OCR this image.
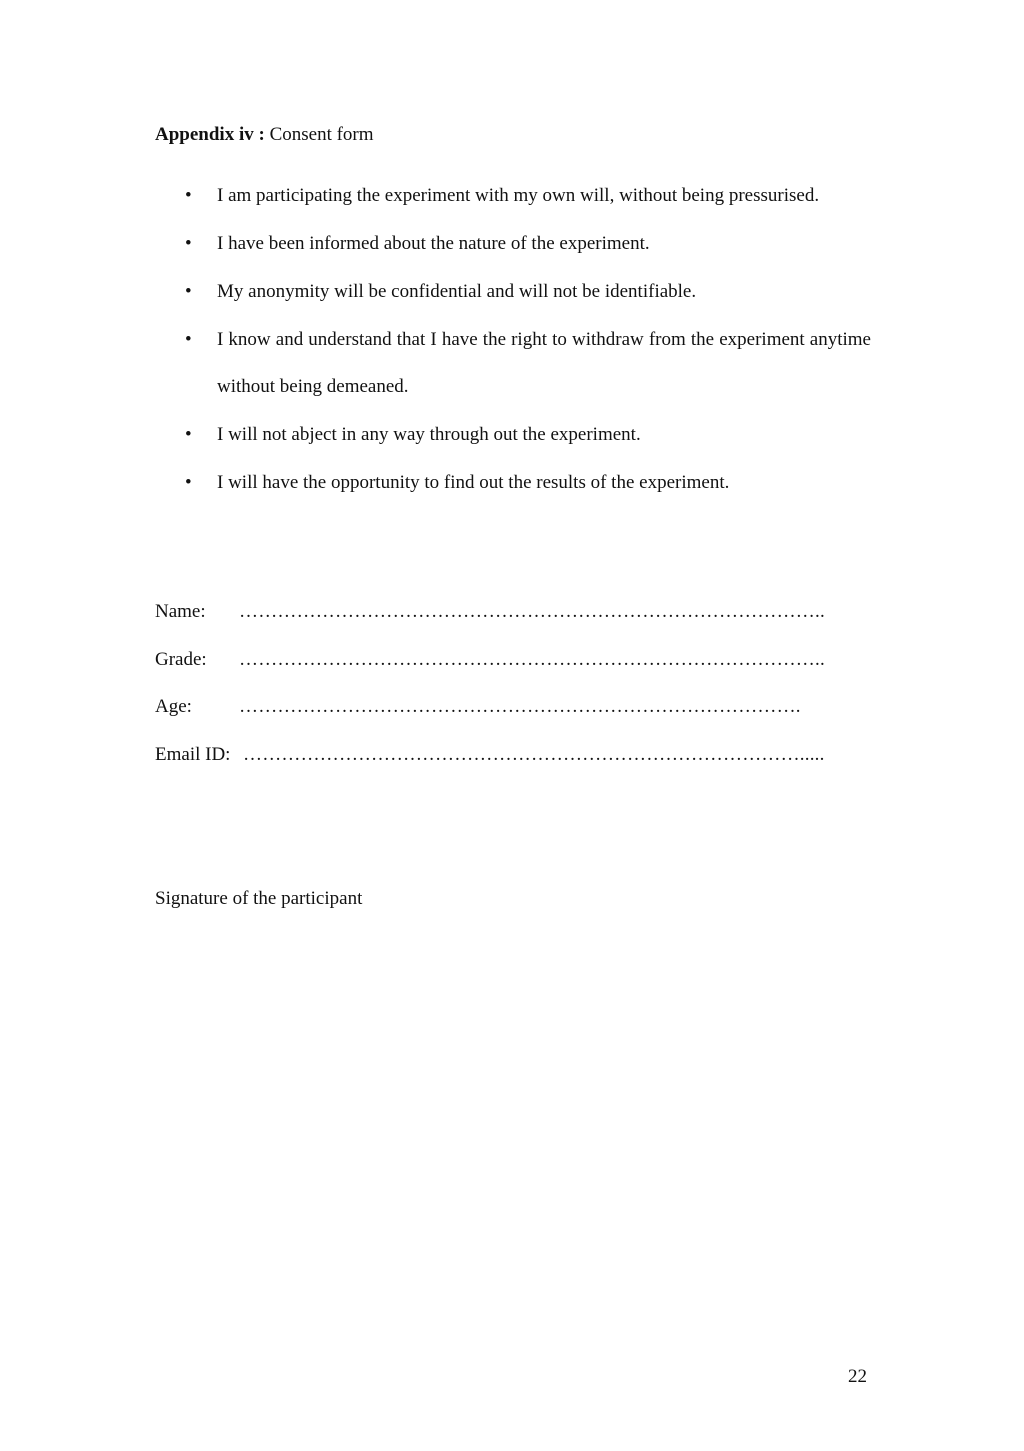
Appendix iv : Consent form
• I am participating the experiment with my own will, without being pressurised.
• I have been informed about the nature of the experiment.
• My anonymity will be confidential and will not be identifiable.
• I know and understand that I have the right to withdraw from the experiment anytime without being demeaned.
• I will not abject in any way through out the experiment.
• I will have the opportunity to find out the results of the experiment.
Name: ………………………………………………………………………………..
Grade: ………………………………………………………………………………..
Age: …………………………………………………………………………….
Email ID: …………………………………………………………………………….....
Signature of the participant
22
